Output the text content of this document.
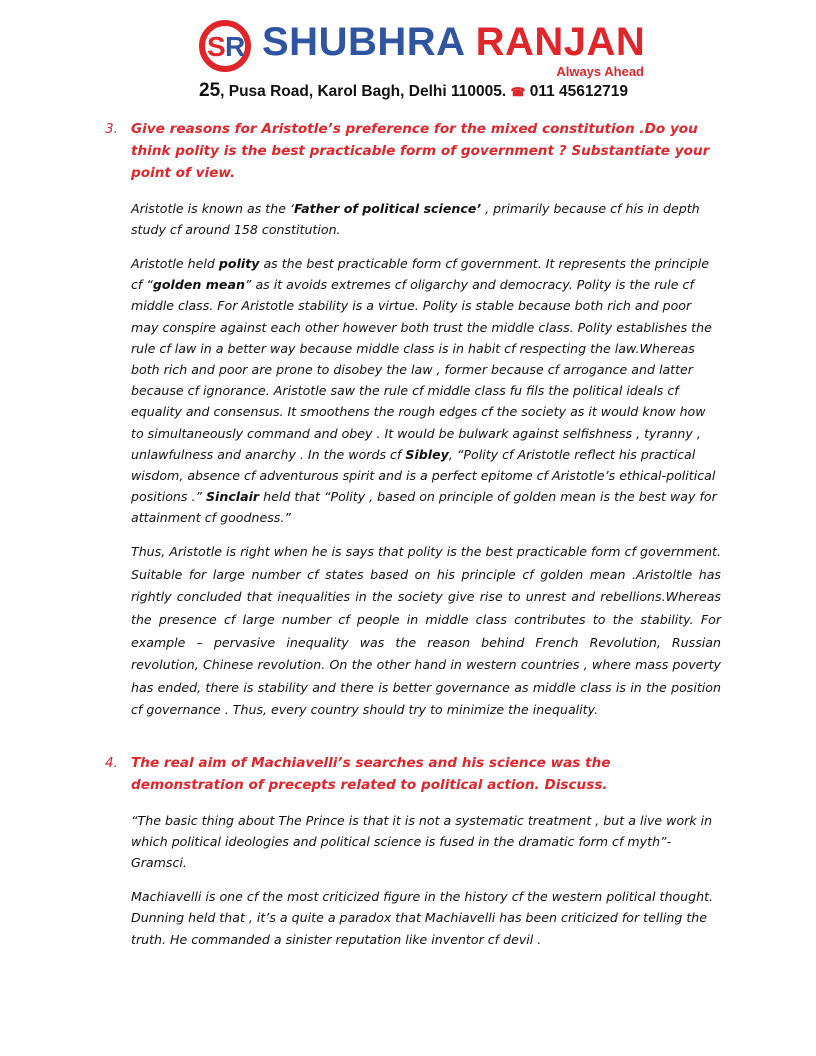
S R SHUBHRA RANJAN
Always Ahead
25, Pusa Road, Karol Bagh, Delhi 110005. ☎ 011 45612719
3. Give reasons for Aristotle’s preference for the mixed constitution .Do you think polity is the best practicable form of government ? Substantiate your point of view.

Aristotle is known as the ‘Father of political science’ , primarily because cf his in depth study cf around 158 constitution.

Aristotle held polity as the best practicable form cf government. It represents the principle cf “golden mean” as it avoids extremes cf oligarchy and democracy. Polity is the rule cf middle class. For Aristotle stability is a virtue. Polity is stable because both rich and poor may conspire against each other however both trust the middle class. Polity establishes the rule cf law in a better way because middle class is in habit cf respecting the law.Whereas both rich and poor are prone to disobey the law , former because cf arrogance and latter because cf ignorance. Aristotle saw the rule cf middle class fu fils the political ideals cf equality and consensus. It smoothens the rough edges cf the society as it would know how to simultaneously command and obey . It would be bulwark against selfishness , tyranny , unlawfulness and anarchy . In the words cf Sibley, “Polity cf Aristotle reflect his practical wisdom, absence cf adventurous spirit and is a perfect epitome cf Aristotle’s ethical-political positions .” Sinclair held that “Polity , based on principle of golden mean is the best way for attainment cf goodness.”

Thus, Aristotle is right when he is says that polity is the best practicable form cf government. Suitable for large number cf states based on his principle cf golden mean .Aristoltle has rightly concluded that inequalities in the society give rise to unrest and rebellions.Whereas the presence cf large number cf people in middle class contributes to the stability. For example – pervasive inequality was the reason behind French Revolution, Russian revolution, Chinese revolution. On the other hand in western countries , where mass poverty has ended, there is stability and there is better governance as middle class is in the position cf governance . Thus, every country should try to minimize the inequality.

4. The real aim of Machiavelli’s searches and his science was the demonstration of precepts related to political action. Discuss.

“The basic thing about The Prince is that it is not a systematic treatment , but a live work in which political ideologies and political science is fused in the dramatic form cf myth”- Gramsci.

Machiavelli is one cf the most criticized figure in the history cf the western political thought. Dunning held that , it’s a quite a paradox that Machiavelli has been criticized for telling the truth. He commanded a sinister reputation like inventor cf devil .
